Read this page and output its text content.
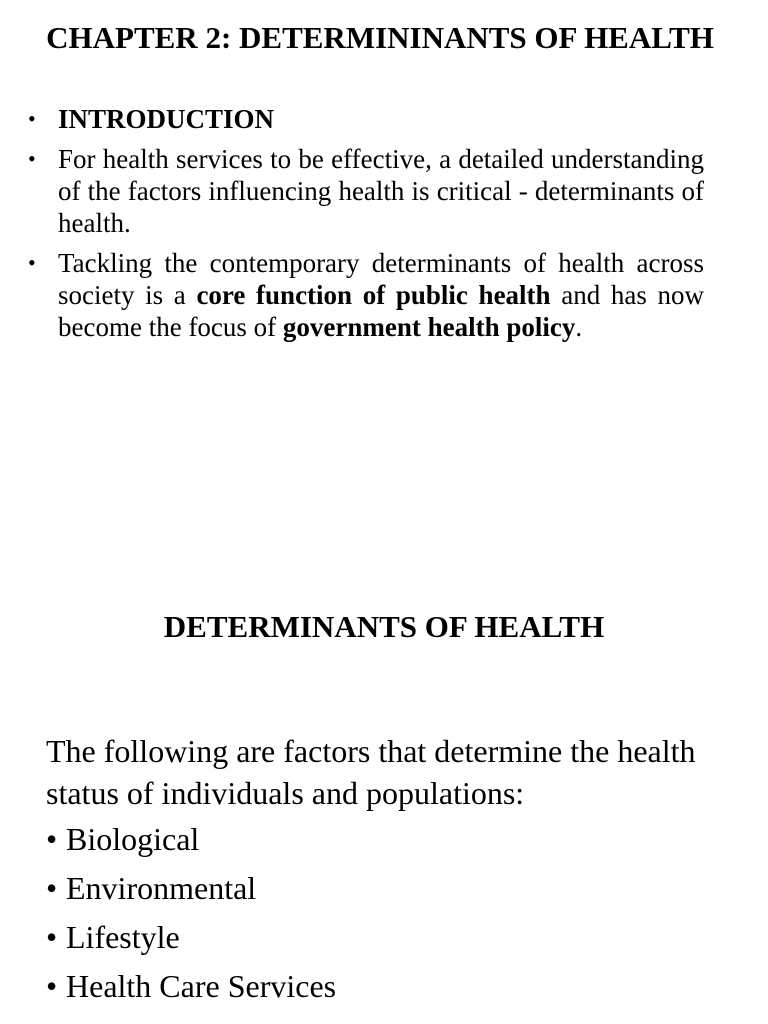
CHAPTER 2: DETERMININANTS OF HEALTH
• INTRODUCTION
• For health services to be effective, a detailed understanding of the factors influencing health is critical - determinants of health.
• Tackling the contemporary determinants of health across society is a core function of public health and has now become the focus of government health policy.
DETERMINANTS OF HEALTH

The following are factors that determine the health status of individuals and populations:

• Biological
• Environmental
• Lifestyle
• Health Care Services
